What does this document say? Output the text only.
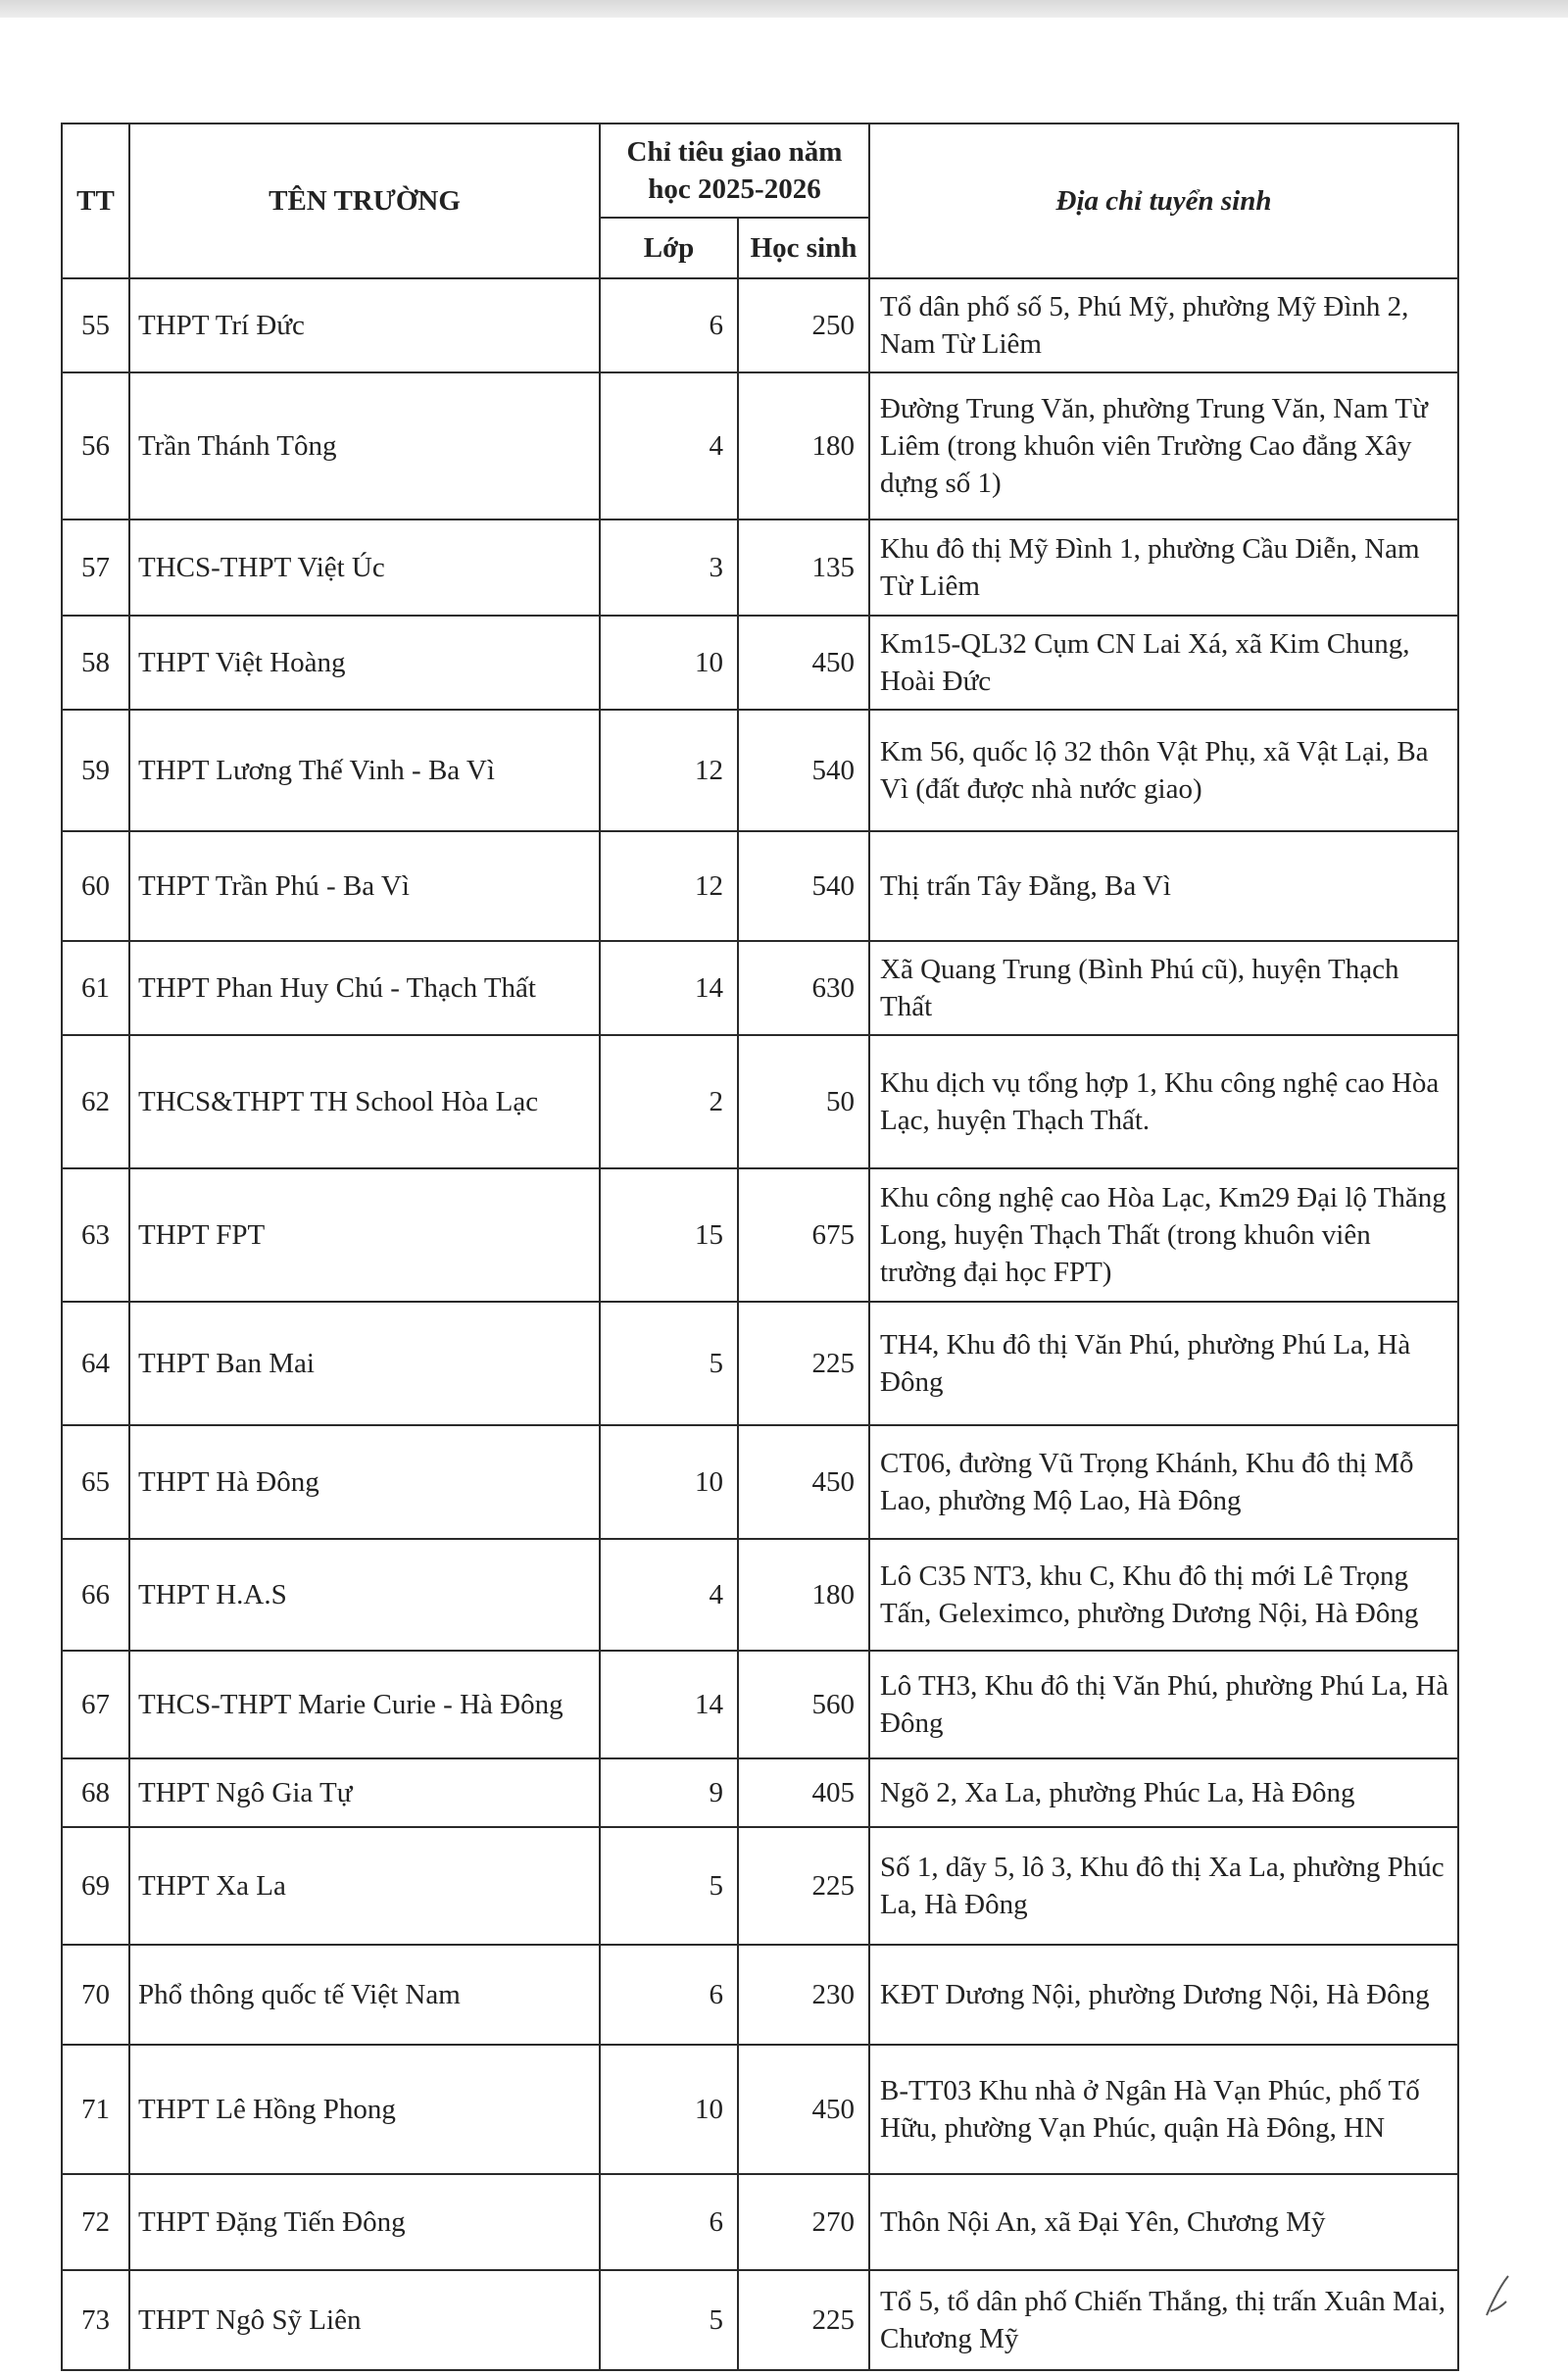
TT	TÊN TRƯỜNG	Chỉ tiêu giao năm học 2025-2026		Địa chỉ tuyển sinh
		Lớp	Học sinh	
55	THPT Trí Đức	6	250	Tổ dân phố số 5, Phú Mỹ, phường Mỹ Đình 2, Nam Từ Liêm
56	Trần Thánh Tông	4	180	Đường Trung Văn, phường Trung Văn, Nam Từ Liêm (trong khuôn viên Trường Cao đẳng Xây dựng số 1)
57	THCS-THPT Việt Úc	3	135	Khu đô thị Mỹ Đình 1, phường Cầu Diễn, Nam Từ Liêm
58	THPT Việt Hoàng	10	450	Km15-QL32 Cụm CN Lai Xá, xã Kim Chung, Hoài Đức
59	THPT Lương Thế Vinh - Ba Vì	12	540	Km 56, quốc lộ 32 thôn Vật Phụ, xã Vật Lại, Ba Vì (đất được nhà nước giao)
60	THPT Trần Phú - Ba Vì	12	540	Thị trấn Tây Đằng, Ba Vì
61	THPT Phan Huy Chú - Thạch Thất	14	630	Xã Quang Trung (Bình Phú cũ), huyện Thạch Thất
62	THCS&THPT TH School Hòa Lạc	2	50	Khu dịch vụ tổng hợp 1, Khu công nghệ cao Hòa Lạc, huyện Thạch Thất.
63	THPT FPT	15	675	Khu công nghệ cao Hòa Lạc, Km29 Đại lộ Thăng Long, huyện Thạch Thất (trong khuôn viên trường đại học FPT)
64	THPT Ban Mai	5	225	TH4, Khu đô thị Văn Phú, phường Phú La, Hà Đông
65	THPT Hà Đông	10	450	CT06, đường Vũ Trọng Khánh, Khu đô thị Mỗ Lao, phường Mộ Lao, Hà Đông
66	THPT H.A.S	4	180	Lô C35 NT3, khu C, Khu đô thị mới Lê Trọng Tấn, Geleximco, phường Dương Nội, Hà Đông
67	THCS-THPT Marie Curie - Hà Đông	14	560	Lô TH3, Khu đô thị Văn Phú, phường Phú La, Hà Đông
68	THPT Ngô Gia Tự	9	405	Ngõ 2, Xa La, phường Phúc La, Hà Đông
69	THPT Xa La	5	225	Số 1, dãy 5, lô 3, Khu đô thị Xa La, phường Phúc La, Hà Đông
70	Phổ thông quốc tế Việt Nam	6	230	KĐT Dương Nội, phường Dương Nội, Hà Đông
71	THPT Lê Hồng Phong	10	450	B-TT03 Khu nhà ở Ngân Hà Vạn Phúc, phố Tố Hữu, phường Vạn Phúc, quận Hà Đông, HN
72	THPT Đặng Tiến Đông	6	270	Thôn Nội An, xã Đại Yên, Chương Mỹ
73	THPT Ngô Sỹ Liên	5	225	Tổ 5, tổ dân phố Chiến Thắng, thị trấn Xuân Mai, Chương Mỹ
